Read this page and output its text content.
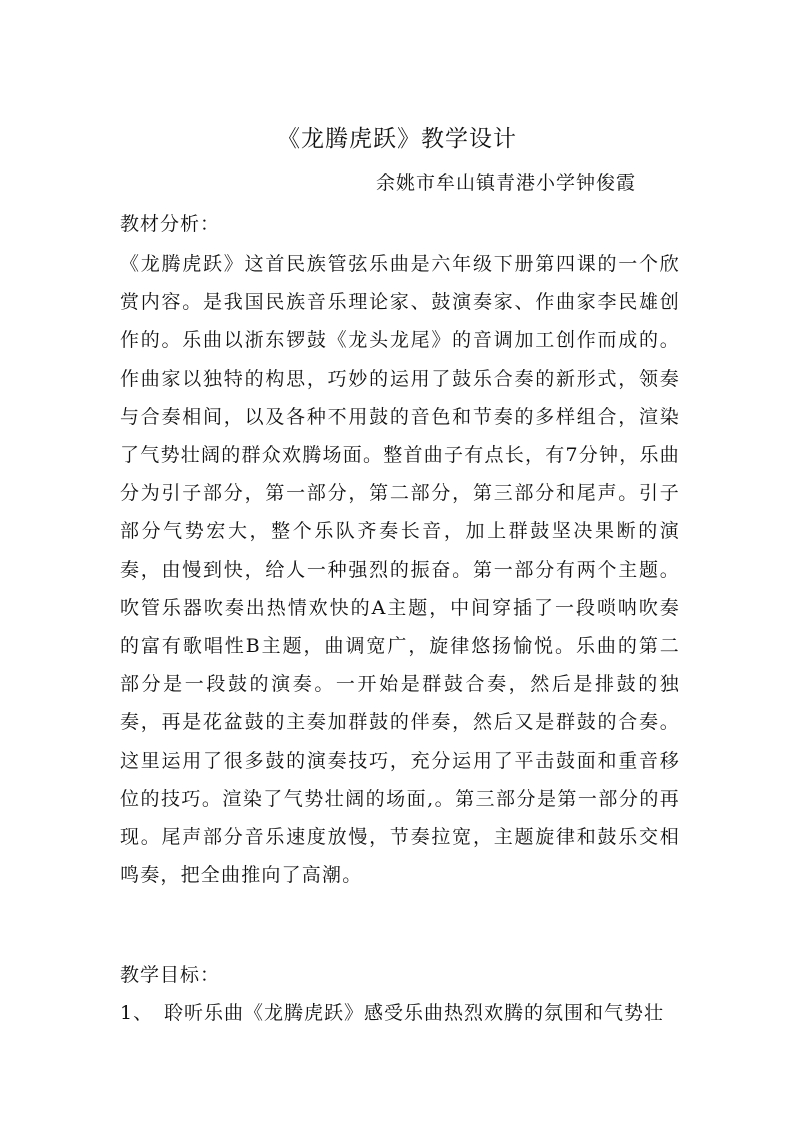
《龙腾虎跃》教学设计
余姚市牟山镇青港小学钟俊霞
教材分析：
《龙腾虎跃》这首民族管弦乐曲是六年级下册第四课的一个欣赏内容。是我国民族音乐理论家、鼓演奏家、作曲家李民雄创作的。乐曲以浙东锣鼓《龙头龙尾》的音调加工创作而成的。作曲家以独特的构思，巧妙的运用了鼓乐合奏的新形式，领奏与合奏相间，以及各种不用鼓的音色和节奏的多样组合，渲染了气势壮阔的群众欢腾场面。整首曲子有点长，有7分钟，乐曲分为引子部分，第一部分，第二部分，第三部分和尾声。引子部分气势宏大，整个乐队齐奏长音，加上群鼓坚决果断的演奏，由慢到快，给人一种强烈的振奋。第一部分有两个主题。吹管乐器吹奏出热情欢快的A主题，中间穿插了一段唢呐吹奏的富有歌唱性B主题，曲调宽广，旋律悠扬愉悦。乐曲的第二部分是一段鼓的演奏。一开始是群鼓合奏，然后是排鼓的独奏，再是花盆鼓的主奏加群鼓的伴奏，然后又是群鼓的合奏。这里运用了很多鼓的演奏技巧，充分运用了平击鼓面和重音移位的技巧。渲染了气势壮阔的场面,。第三部分是第一部分的再现。尾声部分音乐速度放慢，节奏拉宽，主题旋律和鼓乐交相鸣奏，把全曲推向了高潮。
教学目标：
1、 聆听乐曲《龙腾虎跃》感受乐曲热烈欢腾的氛围和气势壮
